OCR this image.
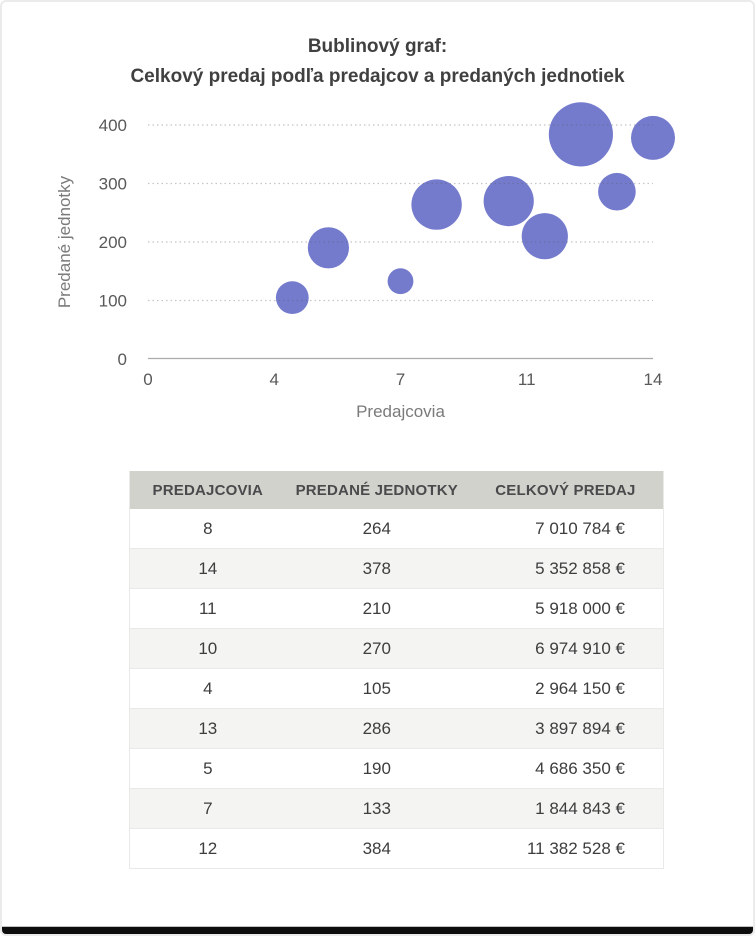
Bublinový graf:
Celkový predaj podľa predajcov a predaných jednotiek
0
100
200
300
400
0	4	7	11	14
Predané jednotky
Predajcovia
PREDAJCOVIA	PREDANÉ JEDNOTKY	CELKOVÝ PREDAJ
8	264	7 010 784 €
14	378	5 352 858 €
11	210	5 918 000 €
10	270	6 974 910 €
4	105	2 964 150 €
13	286	3 897 894 €
5	190	4 686 350 €
7	133	1 844 843 €
12	384	11 382 528 €
